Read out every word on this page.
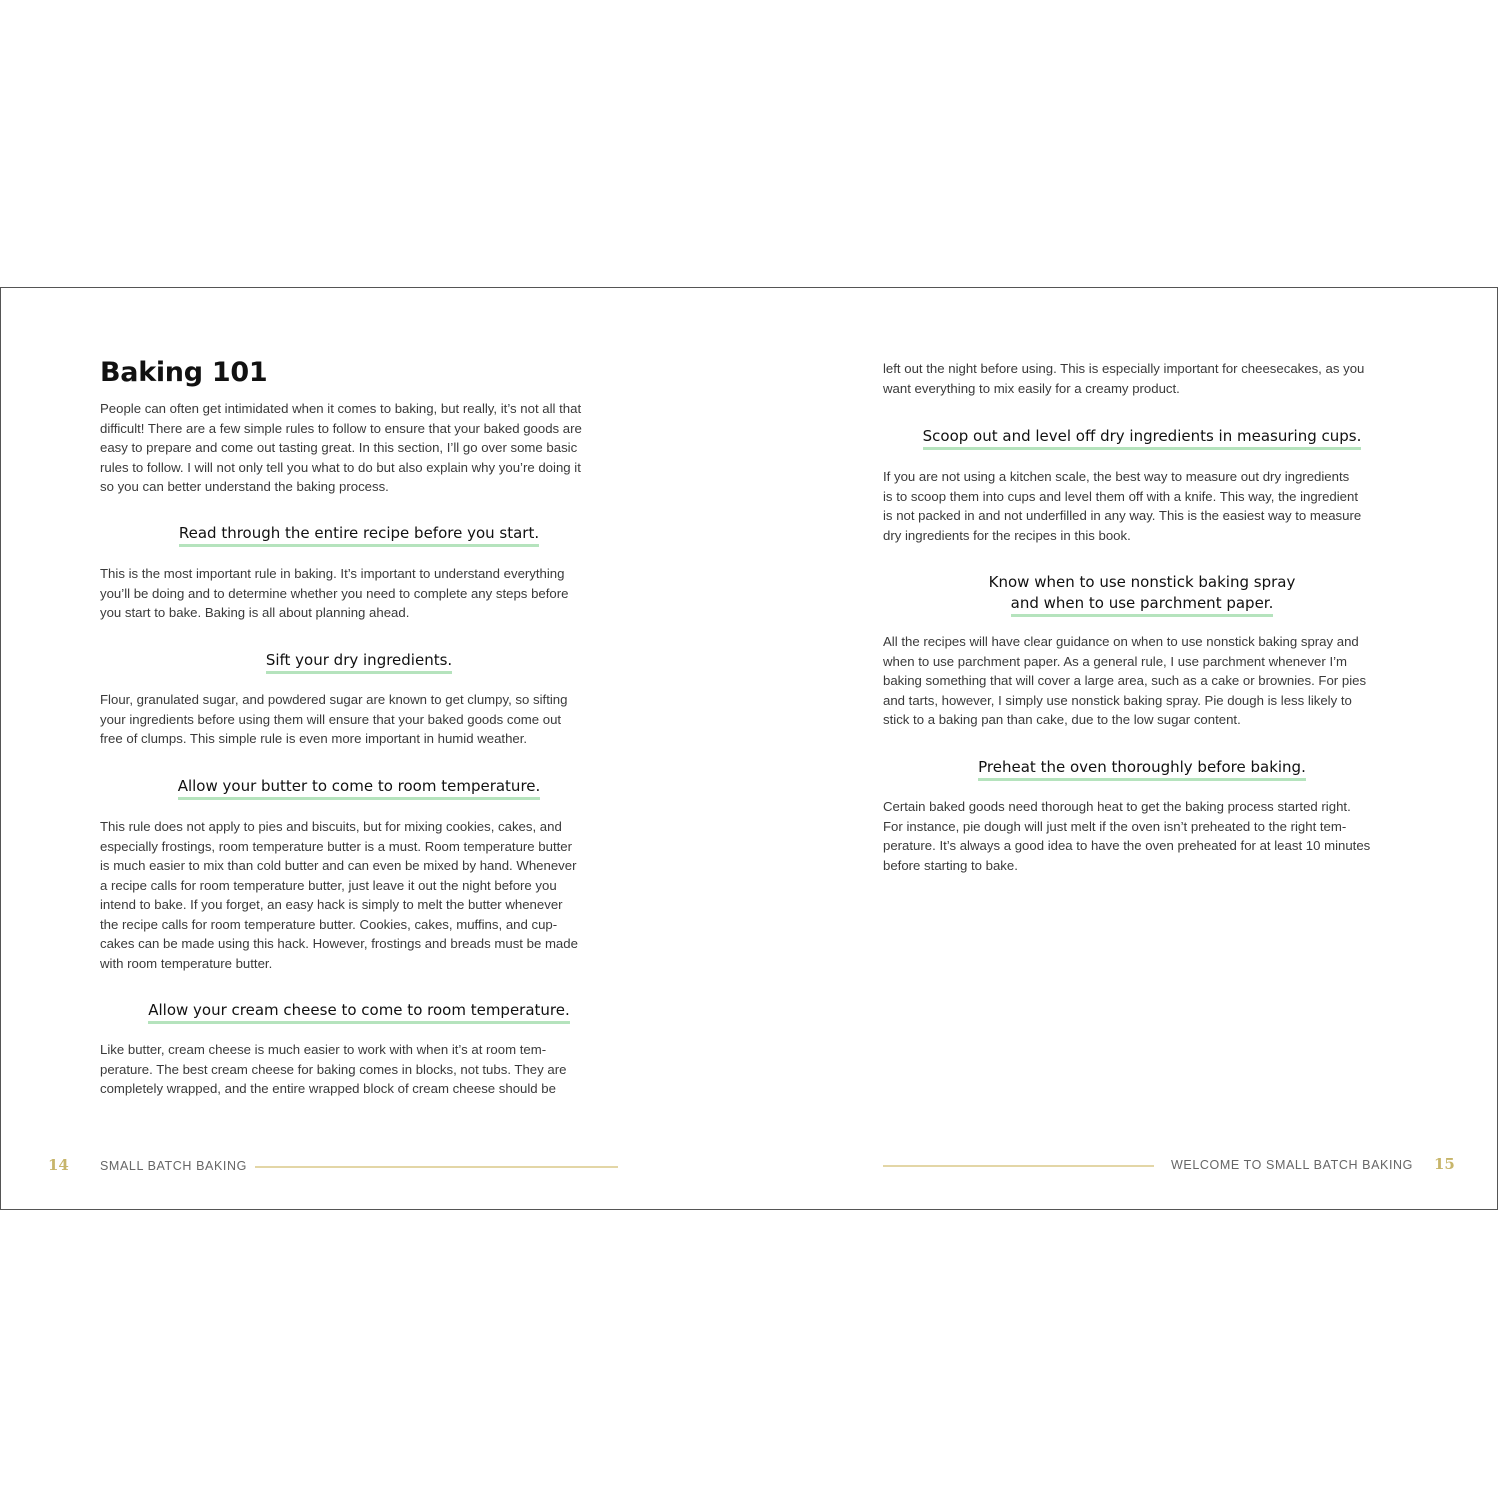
Baking 101

People can often get intimidated when it comes to baking, but really, it’s not all that
difficult! There are a few simple rules to follow to ensure that your baked goods are
easy to prepare and come out tasting great. In this section, I’ll go over some basic
rules to follow. I will not only tell you what to do but also explain why you’re doing it
so you can better understand the baking process.

Read through the entire recipe before you start.

This is the most important rule in baking. It’s important to understand everything
you’ll be doing and to determine whether you need to complete any steps before
you start to bake. Baking is all about planning ahead.

Sift your dry ingredients.

Flour, granulated sugar, and powdered sugar are known to get clumpy, so sifting
your ingredients before using them will ensure that your baked goods come out
free of clumps. This simple rule is even more important in humid weather.

Allow your butter to come to room temperature.

This rule does not apply to pies and biscuits, but for mixing cookies, cakes, and
especially frostings, room temperature butter is a must. Room temperature butter
is much easier to mix than cold butter and can even be mixed by hand. Whenever
a recipe calls for room temperature butter, just leave it out the night before you
intend to bake. If you forget, an easy hack is simply to melt the butter whenever
the recipe calls for room temperature butter. Cookies, cakes, muffins, and cup-
cakes can be made using this hack. However, frostings and breads must be made
with room temperature butter.

Allow your cream cheese to come to room temperature.

Like butter, cream cheese is much easier to work with when it’s at room tem-
perature. The best cream cheese for baking comes in blocks, not tubs. They are
completely wrapped, and the entire wrapped block of cream cheese should be

left out the night before using. This is especially important for cheesecakes, as you
want everything to mix easily for a creamy product.

Scoop out and level off dry ingredients in measuring cups.

If you are not using a kitchen scale, the best way to measure out dry ingredients
is to scoop them into cups and level them off with a knife. This way, the ingredient
is not packed in and not underfilled in any way. This is the easiest way to measure
dry ingredients for the recipes in this book.

Know when to use nonstick baking spray
and when to use parchment paper.

All the recipes will have clear guidance on when to use nonstick baking spray and
when to use parchment paper. As a general rule, I use parchment whenever I’m
baking something that will cover a large area, such as a cake or brownies. For pies
and tarts, however, I simply use nonstick baking spray. Pie dough is less likely to
stick to a baking pan than cake, due to the low sugar content.

Preheat the oven thoroughly before baking.

Certain baked goods need thorough heat to get the baking process started right.
For instance, pie dough will just melt if the oven isn’t preheated to the right tem-
perature. It’s always a good idea to have the oven preheated for at least 10 minutes
before starting to bake.

14 SMALL BATCH BAKING	WELCOME TO SMALL BATCH BAKING 15
